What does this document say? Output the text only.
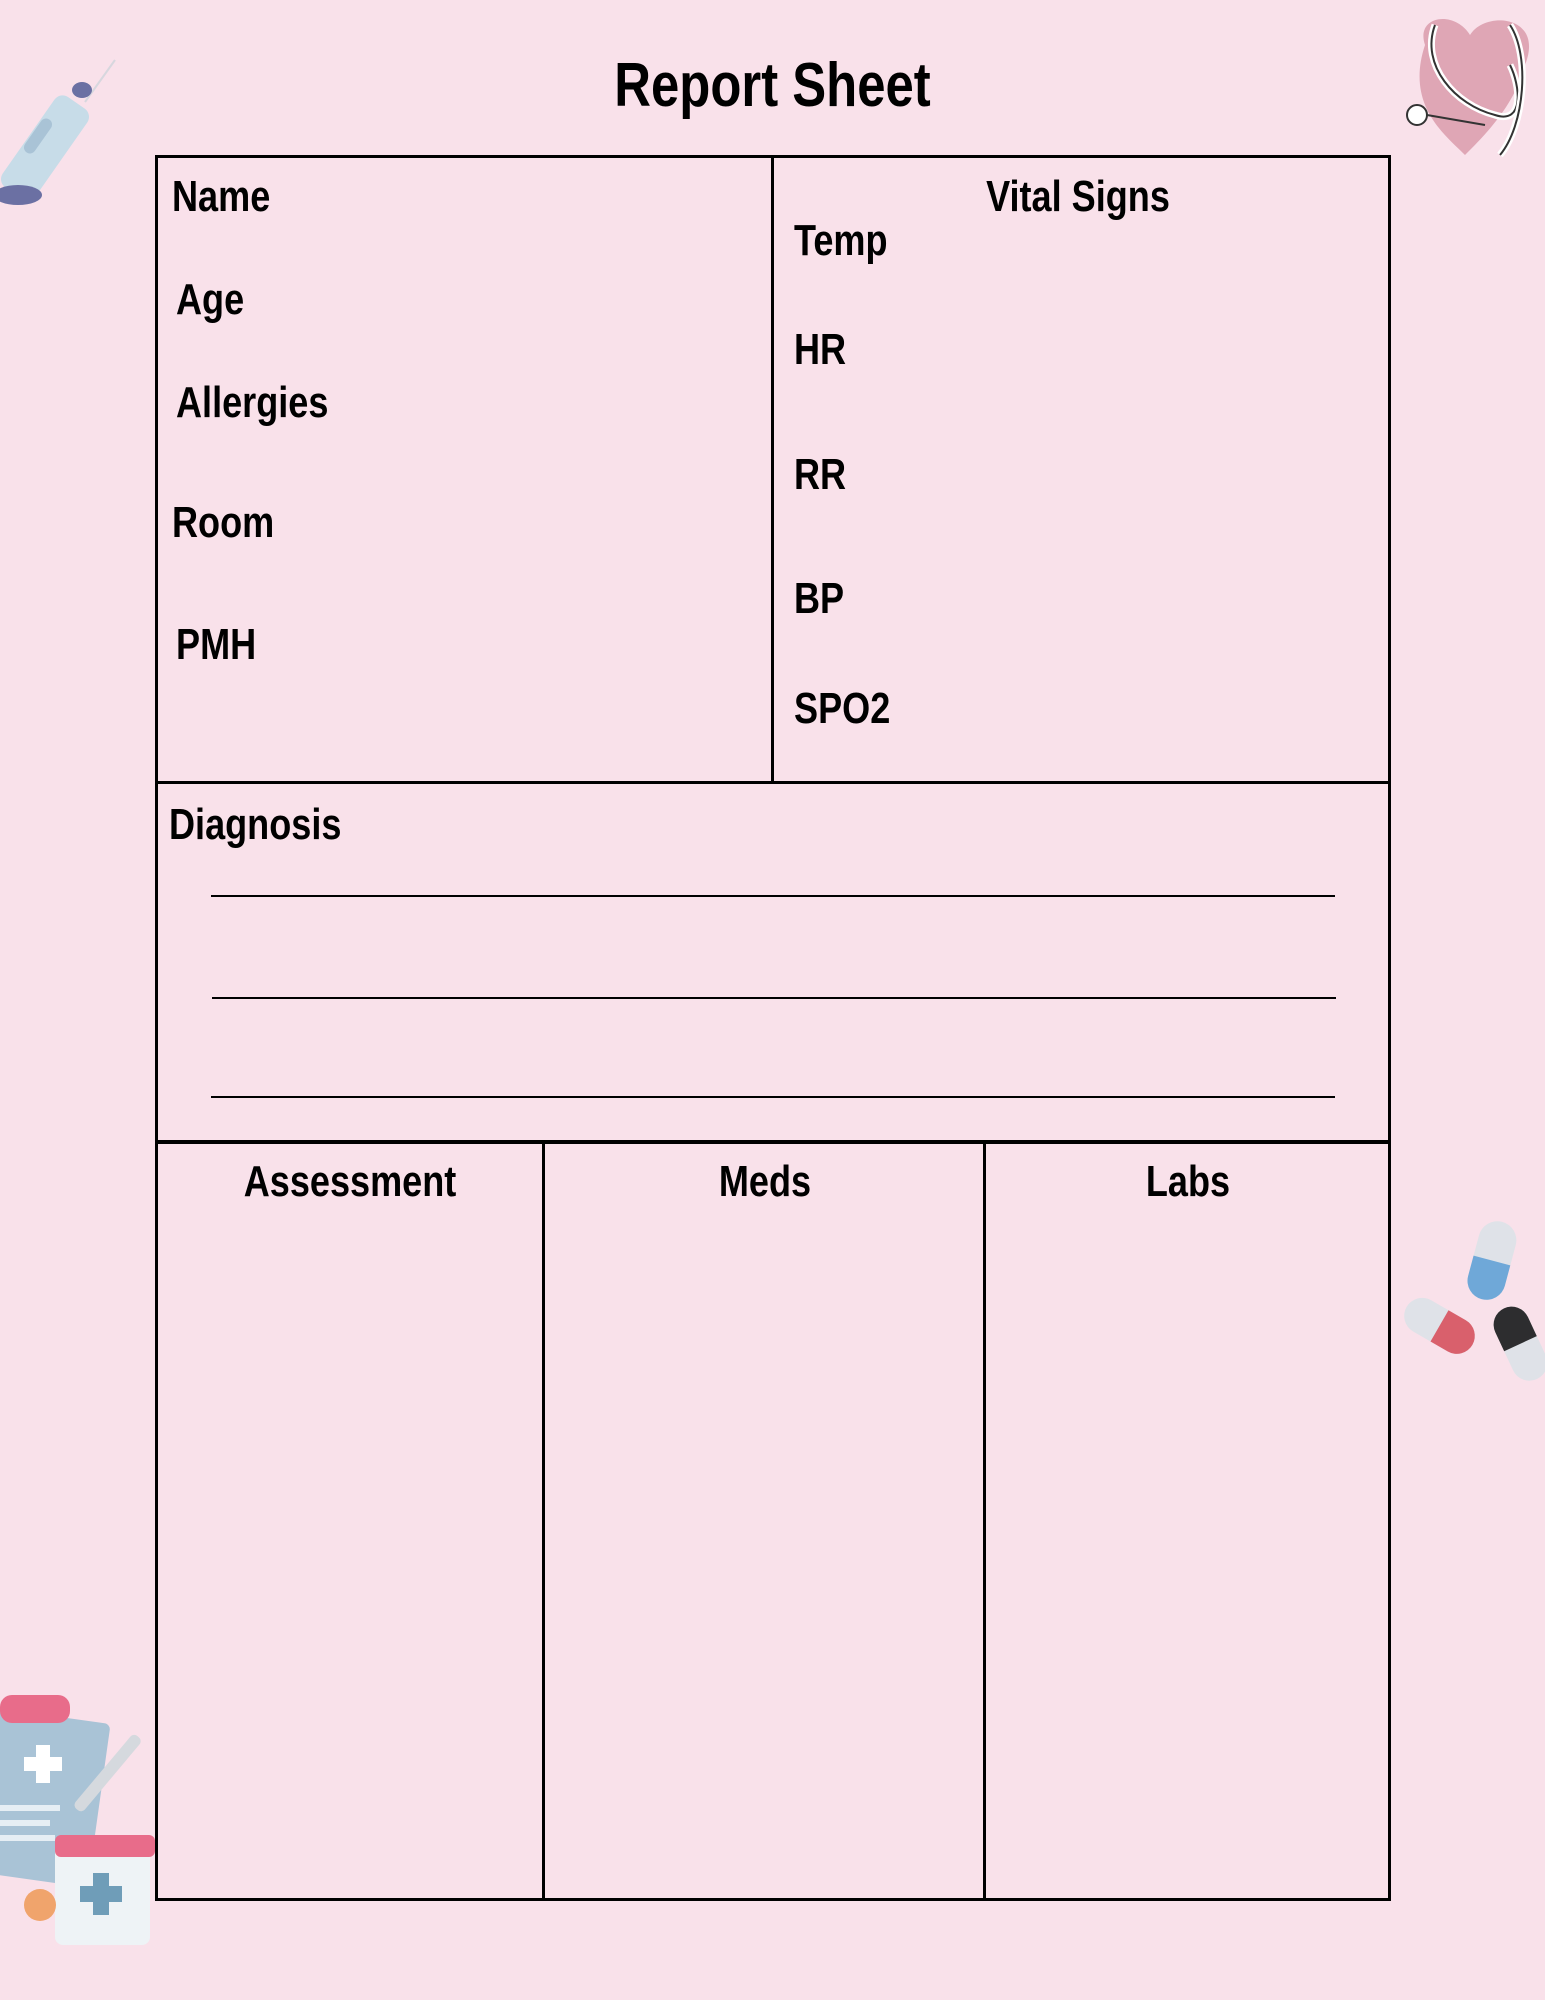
Report Sheet
Name
Age
Allergies
Room
PMH
Vital Signs
Temp
HR
RR
BP
SPO2
Diagnosis
Assessment	Meds	Labs
